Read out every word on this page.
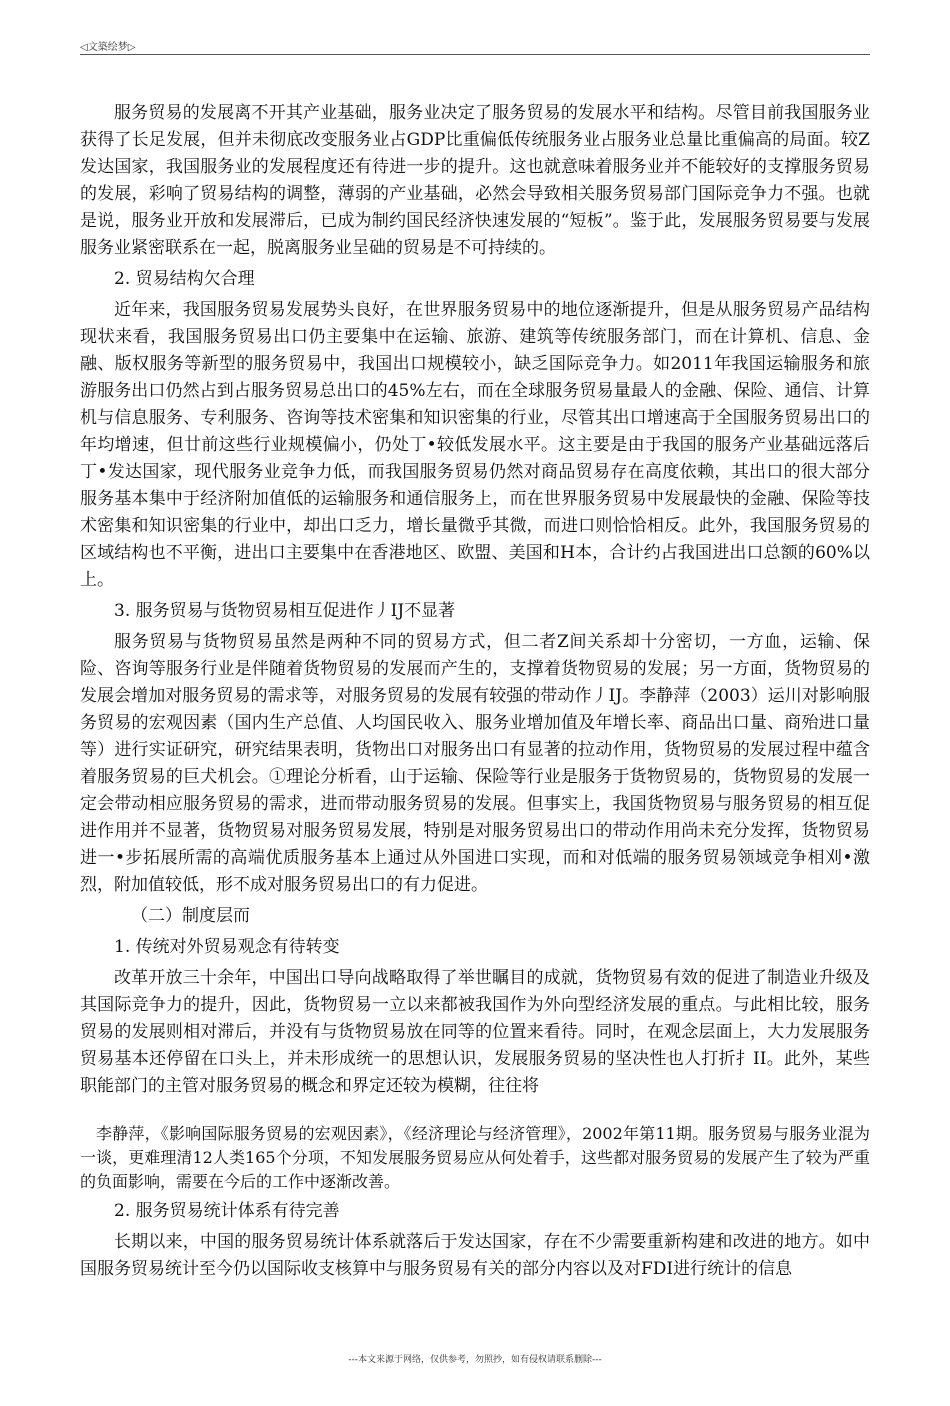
◁文築绘梦▷

服务贸易的发展离不开其产业基础，服务业决定了服务贸易的发展水平和结构。尽管目前我国服务业获得了长足发展，但并未彻底改变服务业占GDP比重偏低传统服务业占服务业总量比重偏高的局面。较Z发达国家，我国服务业的发展程度还有待进一步的提升。这也就意味着服务业并不能较好的支撑服务贸易的发展，彩响了贸易结构的调整，薄弱的产业基础，必然会导致相关服务贸易部门国际竞争力不强。也就是说，服务业开放和发展滞后，已成为制约国民经济快速发展的“短板”。鉴于此，发展服务贸易要与发展服务业紧密联系在一起，脱离服务业呈础的贸易是不可持续的。

2. 贸易结构欠合理

近年来，我国服务贸易发展势头良好，在世界服务贸易中的地位逐渐提升，但是从服务贸易产品结构现状来看，我国服务贸易出口仍主要集中在运输、旅游、建筑等传统服务部门，而在计算机、信息、金融、版权服务等新型的服务贸易中，我国出口规模较小，缺乏国际竞争力。如2011年我国运输服务和旅游服务出口仍然占到占服务贸易总出口的45%左右，而在全球服务贸易量最人的金融、保险、通信、计算机与信息服务、专利服务、咨询等技术密集和知识密集的行业，尽管其出口增速高于全国服务贸易出口的年均增速，但廿前这些行业规模偏小，仍处丁•较低发展水平。这主要是由于我国的服务产业基础远落后丁•发达国家，现代服务业竞争力低，而我国服务贸易仍然对商品贸易存在高度依赖，其出口的很大部分服务基本集中于经济附加值低的运输服务和通信服务上，而在世界服务贸易中发展最快的金融、保险等技术密集和知识密集的行业中，却出口乏力，增长量微乎其微，而进口则恰恰相反。此外，我国服务贸易的区域结构也不平衡，进出口主要集中在香港地区、欧盟、美国和H本，合计约占我国进出口总额的60%以上。

3. 服务贸易与货物贸易相互促进作丿IJ不显著

服务贸易与货物贸易虽然是两种不同的贸易方式，但二者Z间关系却十分密切，一方血，运输、保险、咨询等服务行业是伴随着货物贸易的发展而产生的，支撑着货物贸易的发展；另一方面，货物贸易的发展会增加对服务贸易的需求等，对服务贸易的发展有较强的带动作丿IJ。李静萍（2003）运川对影响服务贸易的宏观因素（国内生产总值、人均国民收入、服务业增加值及年增长率、商品出口量、商殆进口量等）进行实证研究，研究结果表明，货物出口对服务出口有显著的拉动作用，货物贸易的发展过程中蕴含着服务贸易的巨犬机会。①理论分析看，山于运输、保险等行业是服务于货物贸易的，货物贸易的发展一定会带动相应服务贸易的需求，进而带动服务贸易的发展。但事实上，我国货物贸易与服务贸易的相互促进作用并不显著，货物贸易对服务贸易发展，特别是对服务贸易出口的带动作用尚未充分发挥，货物贸易进一•步拓展所需的高端优质服务基本上通过从外国进口实现，而和对低端的服务贸易领域竞争相刈•激烈，附加值较低，形不成对服务贸易出口的有力促进。

（二）制度层而

1. 传统对外贸易观念有待转变

改革开放三十余年，中国出口导向战略取得了举世瞩目的成就，货物贸易有效的促进了制造业升级及其国际竞争力的提升，因此，货物贸易一立以来都被我国作为外向型经济发展的重点。与此相比较，服务贸易的发展则相对滞后，并没有与货物贸易放在同等的位置来看待。同时，在观念层面上，大力发展服务贸易基本还停留在口头上，并未形成统一的思想认识，发展服务贸易的坚决性也人打折扌II。此外，某些职能部门的主管对服务贸易的概念和界定还较为模糊，往往将

李静萍，《影响国际服务贸易的宏观因素》，《经济理论与经济管理》，2002年第11期。服务贸易与服务业混为一谈，更难理清12人类165个分项，不知发展服务贸易应从何处着手，这些都对服务贸易的发展产生了较为严重的负面影响，需要在今后的工作中逐渐改善。

2. 服务贸易统计体系有待完善

长期以来，中国的服务贸易统计体系就落后于发达国家，存在不少需要重新构建和改进的地方。如中国服务贸易统计至今仍以国际收支核算中与服务贸易有关的部分内容以及对FDI进行统计的信息

---本文来源于网络，仅供参考，勿照抄，如有侵权请联系删除---
